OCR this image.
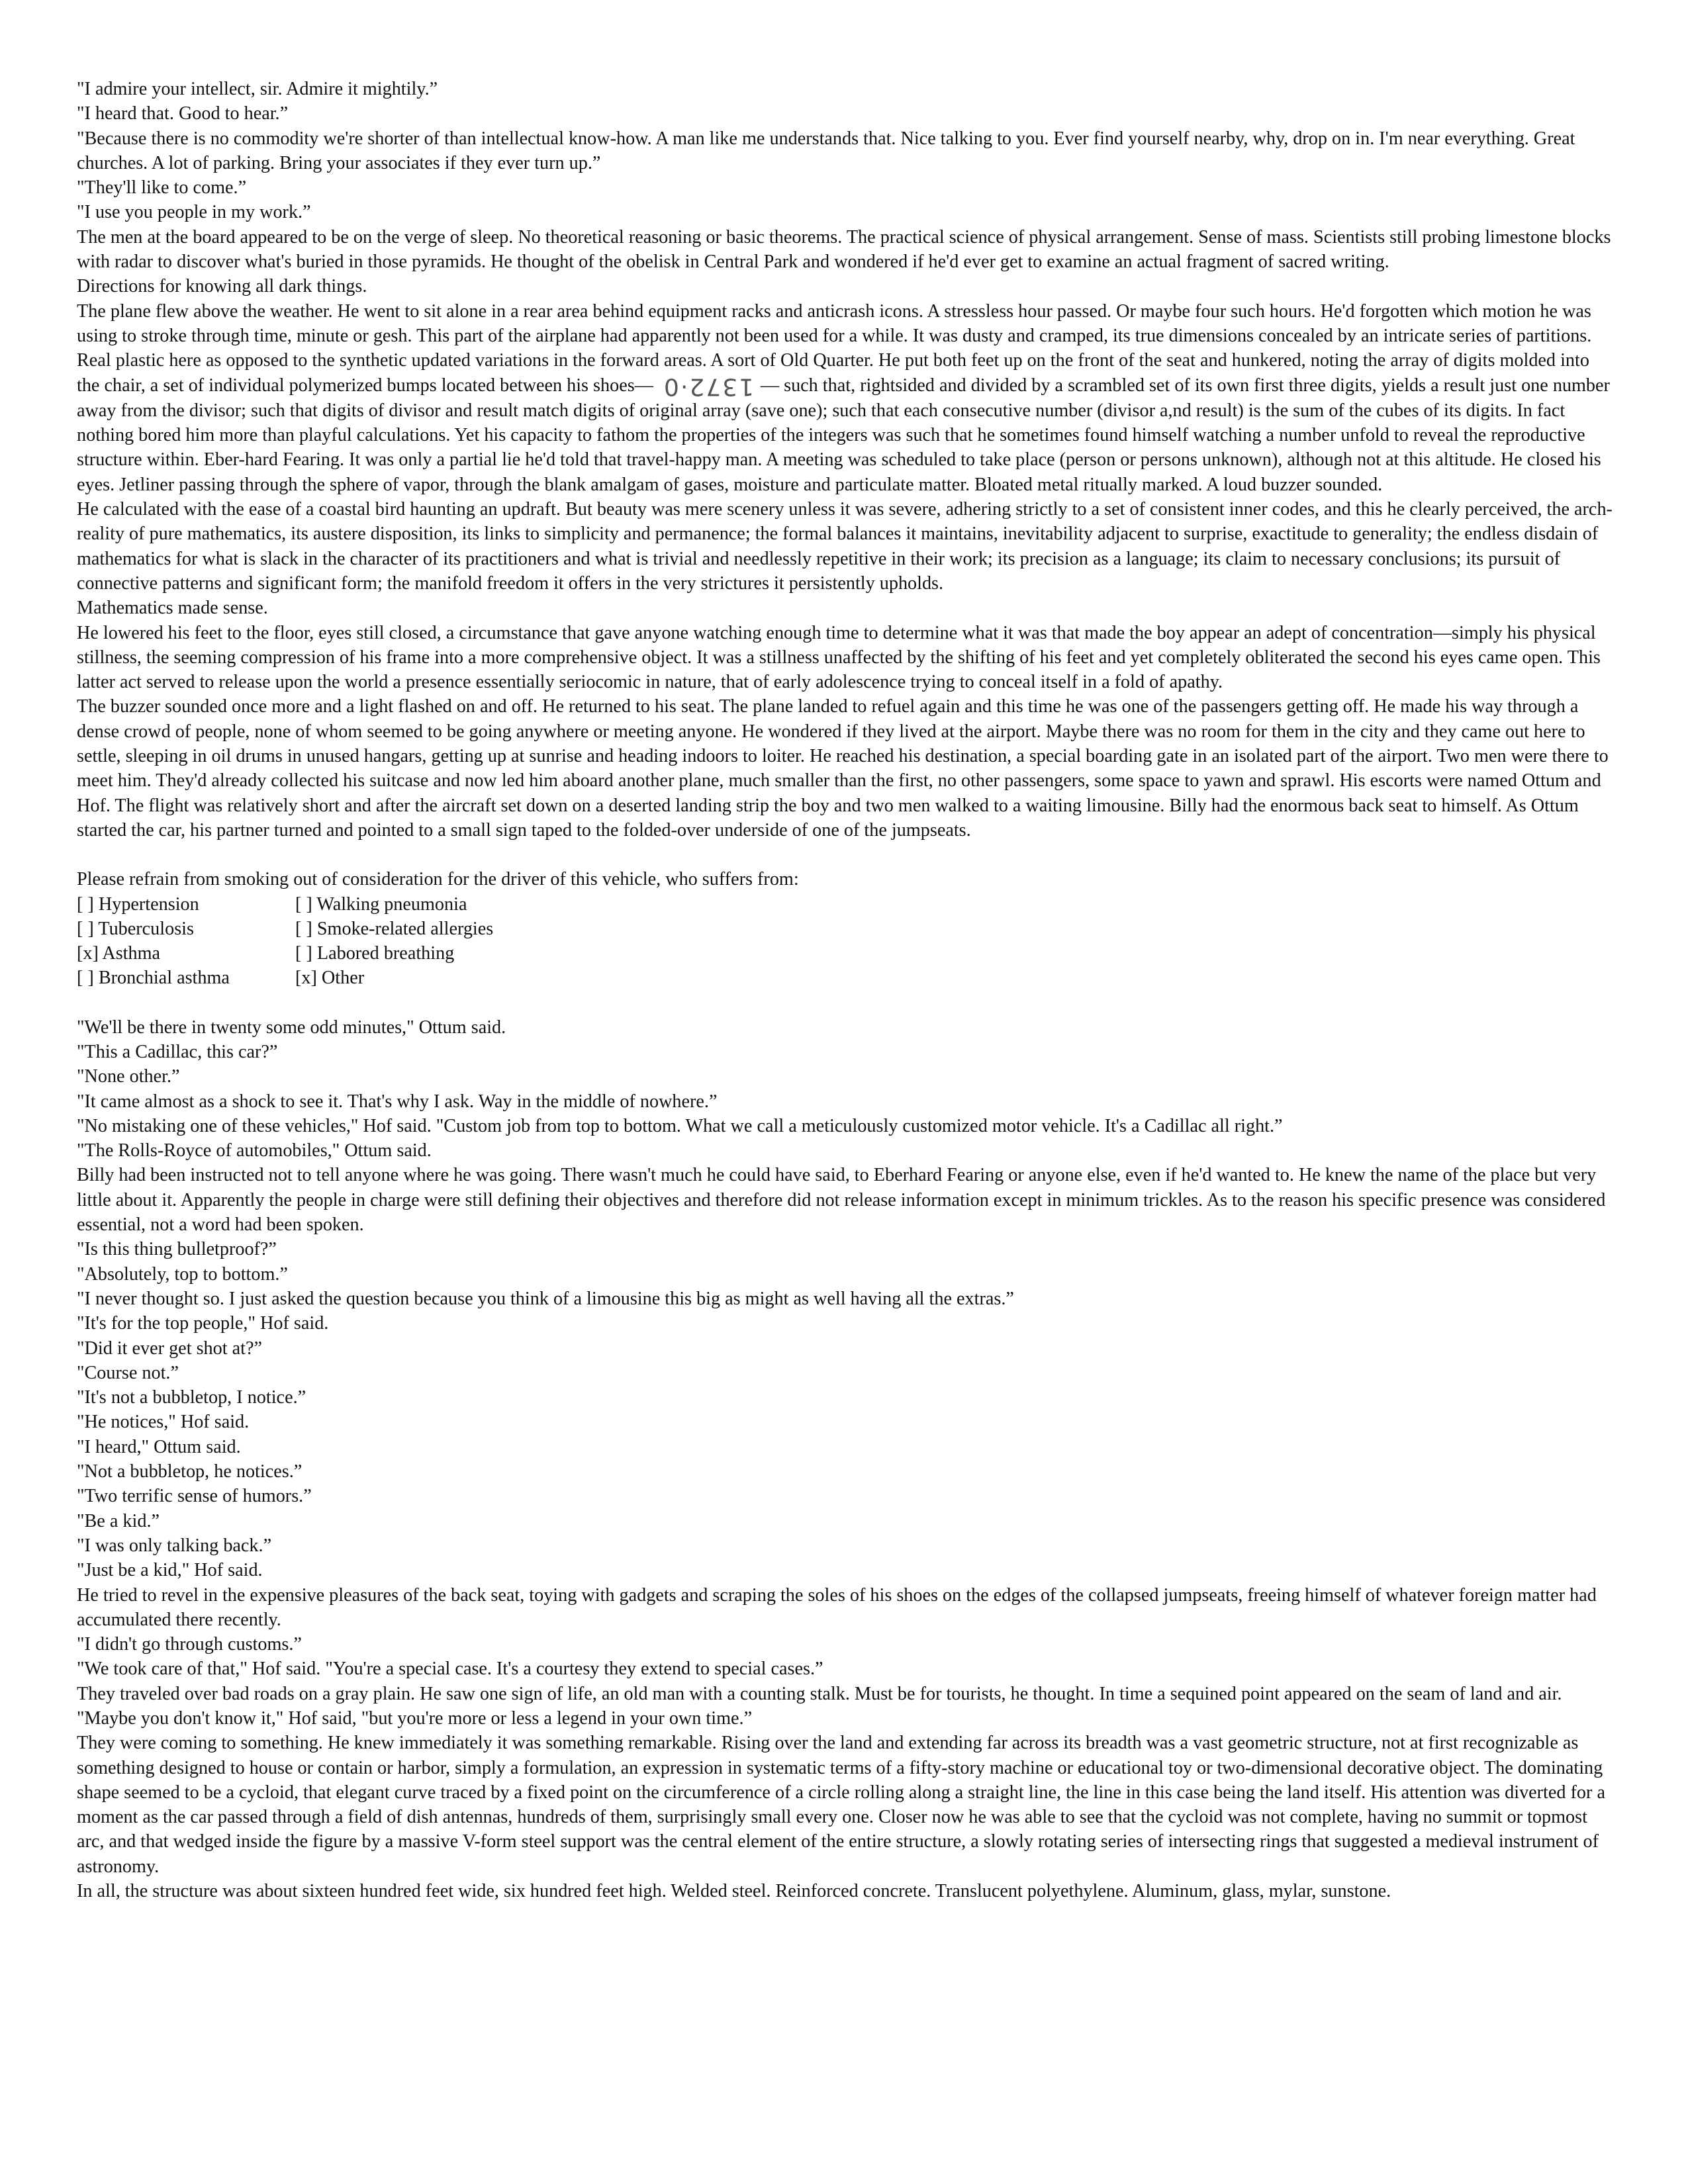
"I admire your intellect, sir. Admire it mightily.”

"I heard that. Good to hear.”

"Because there is no commodity we're shorter of than intellectual know-how. A man like me understands that. Nice talking to you. Ever find yourself nearby, why, drop on in. I'm near everything. Great churches. A lot of parking. Bring your associates if they ever turn up.”

"They'll like to come.”

"I use you people in my work.”

The men at the board appeared to be on the verge of sleep. No theoretical reasoning or basic theorems. The practical science of physical arrangement. Sense of mass. Scientists still probing limestone blocks with radar to discover what's buried in those pyramids. He thought of the obelisk in Central Park and wondered if he'd ever get to examine an actual fragment of sacred writing.

Directions for knowing all dark things.

The plane flew above the weather. He went to sit alone in a rear area behind equipment racks and anticrash icons. A stressless hour passed. Or maybe four such hours. He'd forgotten which motion he was using to stroke through time, minute or gesh. This part of the airplane had apparently not been used for a while. It was dusty and cramped, its true dimensions concealed by an intricate series of partitions. Real plastic here as opposed to the synthetic updated variations in the forward areas. A sort of Old Quarter. He put both feet up on the front of the seat and hunkered, noting the array of digits molded into the chair, a set of individual polymerized bumps located between his shoes— 1372·0 — such that, rightsided and divided by a scrambled set of its own first three digits, yields a result just one number away from the divisor; such that digits of divisor and result match digits of original array (save one); such that each consecutive number (divisor a,nd result) is the sum of the cubes of its digits. In fact nothing bored him more than playful calculations. Yet his capacity to fathom the properties of the integers was such that he sometimes found himself watching a number unfold to reveal the reproductive structure within. Eber-hard Fearing. It was only a partial lie he'd told that travel-happy man. A meeting was scheduled to take place (person or persons unknown), although not at this altitude. He closed his eyes. Jetliner passing through the sphere of vapor, through the blank amalgam of gases, moisture and particulate matter. Bloated metal ritually marked. A loud buzzer sounded.

He calculated with the ease of a coastal bird haunting an updraft. But beauty was mere scenery unless it was severe, adhering strictly to a set of consistent inner codes, and this he clearly perceived, the arch-reality of pure mathematics, its austere disposition, its links to simplicity and permanence; the formal balances it maintains, inevitability adjacent to surprise, exactitude to generality; the endless disdain of mathematics for what is slack in the character of its practitioners and what is trivial and needlessly repetitive in their work; its precision as a language; its claim to necessary conclusions; its pursuit of connective patterns and significant form; the manifold freedom it offers in the very strictures it persistently upholds.

Mathematics made sense.

He lowered his feet to the floor, eyes still closed, a circumstance that gave anyone watching enough time to determine what it was that made the boy appear an adept of concentration—simply his physical stillness, the seeming compression of his frame into a more comprehensive object. It was a stillness unaffected by the shifting of his feet and yet completely obliterated the second his eyes came open. This latter act served to release upon the world a presence essentially seriocomic in nature, that of early adolescence trying to conceal itself in a fold of apathy.

The buzzer sounded once more and a light flashed on and off. He returned to his seat. The plane landed to refuel again and this time he was one of the passengers getting off. He made his way through a dense crowd of people, none of whom seemed to be going anywhere or meeting anyone. He wondered if they lived at the airport. Maybe there was no room for them in the city and they came out here to settle, sleeping in oil drums in unused hangars, getting up at sunrise and heading indoors to loiter. He reached his destination, a special boarding gate in an isolated part of the airport. Two men were there to meet him. They'd already collected his suitcase and now led him aboard another plane, much smaller than the first, no other passengers, some space to yawn and sprawl. His escorts were named Ottum and Hof. The flight was relatively short and after the aircraft set down on a deserted landing strip the boy and two men walked to a waiting limousine. Billy had the enormous back seat to himself. As Ottum started the car, his partner turned and pointed to a small sign taped to the folded-over underside of one of the jumpseats.

Please refrain from smoking out of consideration for the driver of this vehicle, who suffers from:

[ ] Hypertension	[ ] Walking pneumonia
[ ] Tuberculosis	[ ] Smoke-related allergies
[x] Asthma	[ ] Labored breathing
[ ] Bronchial asthma	[x] Other

"We'll be there in twenty some odd minutes," Ottum said.

"This a Cadillac, this car?”

"None other.”

"It came almost as a shock to see it. That's why I ask. Way in the middle of nowhere.”

"No mistaking one of these vehicles," Hof said. "Custom job from top to bottom. What we call a meticulously customized motor vehicle. It's a Cadillac all right.”

"The Rolls-Royce of automobiles," Ottum said.

Billy had been instructed not to tell anyone where he was going. There wasn't much he could have said, to Eberhard Fearing or anyone else, even if he'd wanted to. He knew the name of the place but very little about it. Apparently the people in charge were still defining their objectives and therefore did not release information except in minimum trickles. As to the reason his specific presence was considered essential, not a word had been spoken.

"Is this thing bulletproof?”

"Absolutely, top to bottom.”

"I never thought so. I just asked the question because you think of a limousine this big as might as well having all the extras.”

"It's for the top people," Hof said.

"Did it ever get shot at?”

"Course not.”

"It's not a bubbletop, I notice.”

"He notices," Hof said.

"I heard," Ottum said.

"Not a bubbletop, he notices.”

"Two terrific sense of humors.”

"Be a kid.”

"I was only talking back.”

"Just be a kid," Hof said.

He tried to revel in the expensive pleasures of the back seat, toying with gadgets and scraping the soles of his shoes on the edges of the collapsed jumpseats, freeing himself of whatever foreign matter had accumulated there recently.

"I didn't go through customs.”

"We took care of that," Hof said. "You're a special case. It's a courtesy they extend to special cases.”

They traveled over bad roads on a gray plain. He saw one sign of life, an old man with a counting stalk. Must be for tourists, he thought. In time a sequined point appeared on the seam of land and air.

"Maybe you don't know it," Hof said, "but you're more or less a legend in your own time.”

They were coming to something. He knew immediately it was something remarkable. Rising over the land and extending far across its breadth was a vast geometric structure, not at first recognizable as something designed to house or contain or harbor, simply a formulation, an expression in systematic terms of a fifty-story machine or educational toy or two-dimensional decorative object. The dominating shape seemed to be a cycloid, that elegant curve traced by a fixed point on the circumference of a circle rolling along a straight line, the line in this case being the land itself. His attention was diverted for a moment as the car passed through a field of dish antennas, hundreds of them, surprisingly small every one. Closer now he was able to see that the cycloid was not complete, having no summit or topmost arc, and that wedged inside the figure by a massive V-form steel support was the central element of the entire structure, a slowly rotating series of intersecting rings that suggested a medieval instrument of astronomy.

In all, the structure was about sixteen hundred feet wide, six hundred feet high. Welded steel. Reinforced concrete. Translucent polyethylene. Aluminum, glass, mylar, sunstone.
